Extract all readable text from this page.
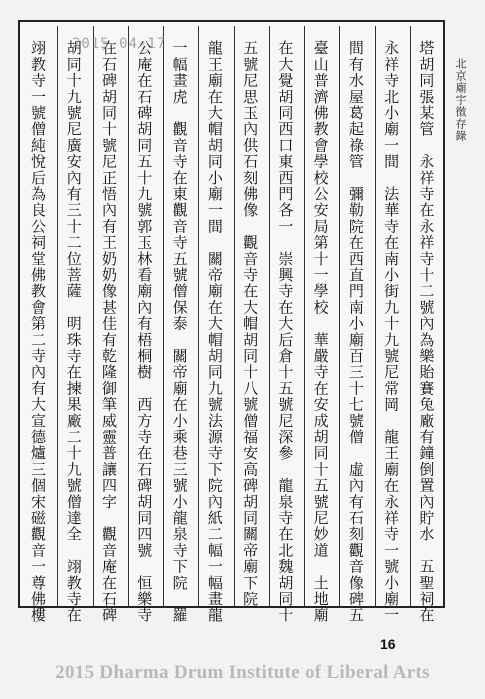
塔胡同張某管　永祥寺在永祥寺十二號內為樂貽賽兔廠有鐘倒置內貯水　五聖祠在
永祥寺北小廟一間　法華寺在南小街九十九號尼常岡　龍王廟在永祥寺一號小廟一
間有水屋葛起祿管　彌勒院在西直門南小廟百三十七號僧　虛內有石刻觀音像碑五
臺山普濟佛教會學校公安局第十一學校　華嚴寺在安成胡同十五號尼妙道　土地廟
在大覺胡同西口東西門各一　崇興寺在大后倉十五號尼深參　龍泉寺在北魏胡同十
五號尼思玉內供石刻佛像　觀音寺在大帽胡同十八號僧福安高碑胡同關帝廟下院
龍王廟在大帽胡同小廟一間　關帝廟在大帽胡同九號法源寺下院內紙二幅一幅畫龍
一幅畫虎　觀音寺在東觀音寺五號僧保泰　關帝廟在小乘巷三號小龍泉寺下院　羅
公庵在石碑胡同五十九號郭玉林看廟內有梧桐樹　西方寺在石碑胡同四號　恒樂寺
在石碑胡同十號尼正悟內有王奶奶像甚佳有乾隆御筆威靈普讓四字　觀音庵在石碑
胡同十九號尼廣安內有三十二位菩薩　明珠寺在揀果廠二十九號僧達全　翊教寺在
翊教寺一號僧純悅后為良公祠堂佛教會第二寺內有大宣德爐三個宋磁觀音一尊佛樓	北京廟宇徵存錄
2015-04-17
16
2015 Dharma Drum Institute of Liberal Arts
